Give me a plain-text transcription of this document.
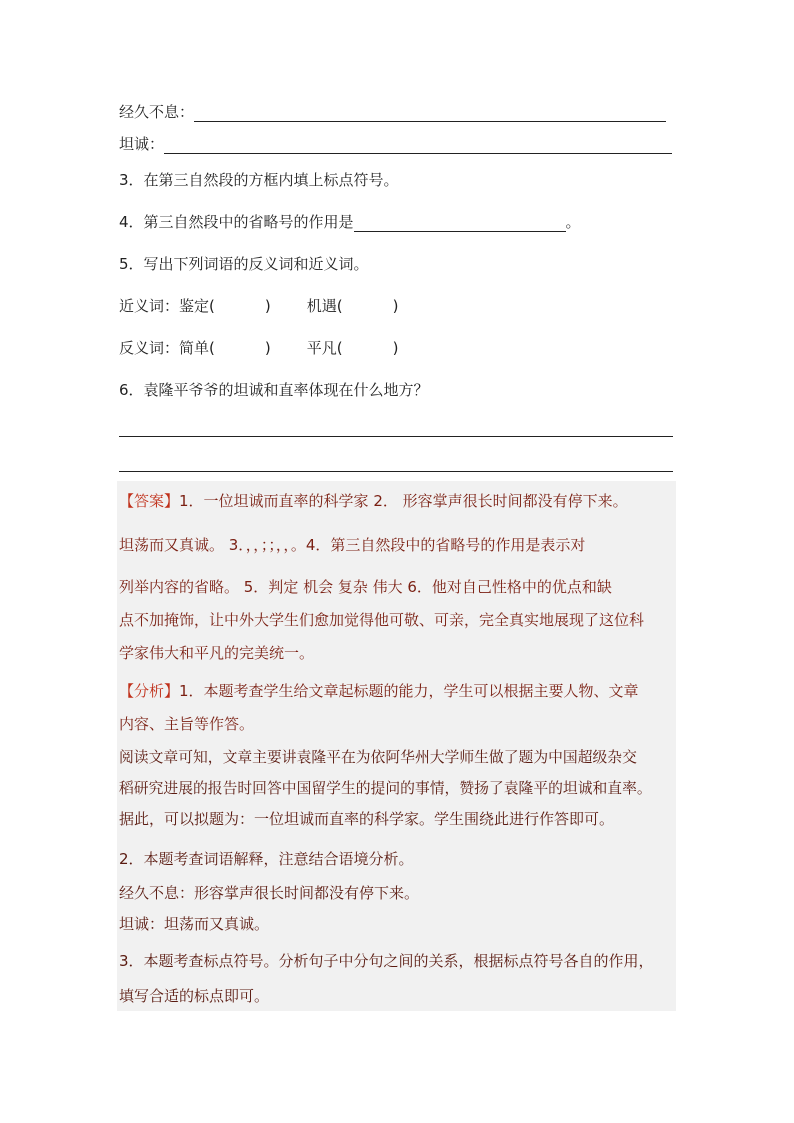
经久不息：
坦诚：
3．在第三自然段的方框内填上标点符号。
4．第三自然段中的省略号的作用是	。
5．写出下列词语的反义词和近义词。
近义词：鉴定(	) 机遇(	)
反义词：简单(	) 平凡(	)
6．袁隆平爷爷的坦诚和直率体现在什么地方？
【答案】1．一位坦诚而直率的科学家 2． 形容掌声很长时间都没有停下来。
坦荡而又真诚。 3．，，；；，，。4．第三自然段中的省略号的作用是表示对
列举内容的省略。 5．判定 机会 复杂 伟大 6．他对自己性格中的优点和缺
点不加掩饰，让中外大学生们愈加觉得他可敬、可亲，完全真实地展现了这位科
学家伟大和平凡的完美统一。
【分析】1．本题考查学生给文章起标题的能力，学生可以根据主要人物、文章
内容、主旨等作答。
阅读文章可知，文章主要讲袁隆平在为依阿华州大学师生做了题为中国超级杂交
稻研究进展的报告时回答中国留学生的提问的事情，赞扬了袁隆平的坦诚和直率。
据此，可以拟题为：一位坦诚而直率的科学家。学生围绕此进行作答即可。
2．本题考查词语解释，注意结合语境分析。
经久不息：形容掌声很长时间都没有停下来。
坦诚：坦荡而又真诚。
3．本题考查标点符号。分析句子中分句之间的关系，根据标点符号各自的作用，
填写合适的标点即可。
